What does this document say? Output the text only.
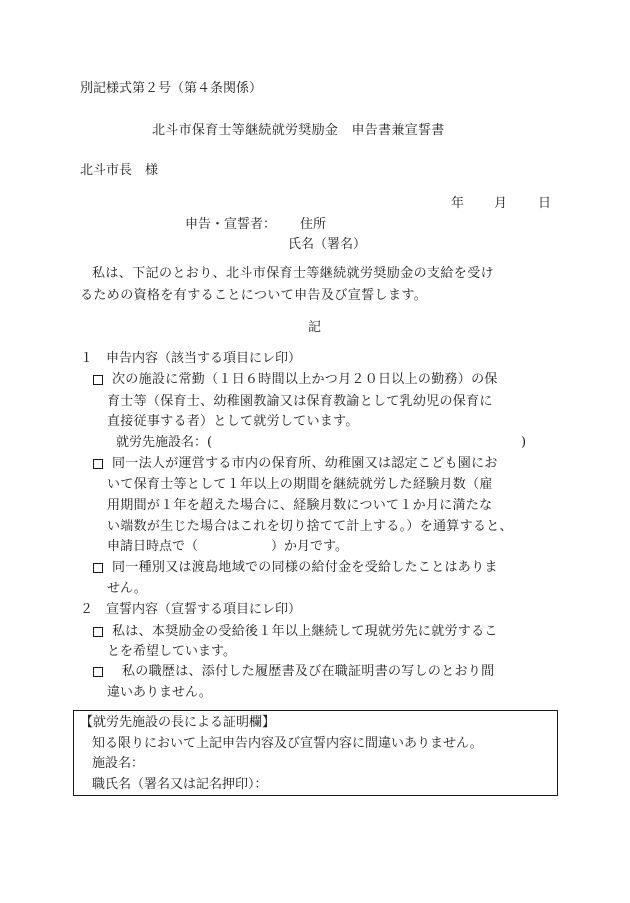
別記様式第２号（第４条関係）
北斗市保育士等継続就労奨励金　申告書兼宣誓書
北斗市長　様
年 月 日
申告・宣誓者： 住所
氏名（署名）
私は、下記のとおり、北斗市保育士等継続就労奨励金の支給を受け
るための資格を有することについて申告及び宣誓します。
記
１　申告内容（該当する項目にレ印）
次の施設に常勤（１日６時間以上かつ月２０日以上の勤務）の保
育士等（保育士、幼稚園教諭又は保育教諭として乳幼児の保育に
直接従事する者）として就労しています。
就労先施設名：(	)
同一法人が運営する市内の保育所、幼稚園又は認定こども園にお
いて保育士等として１年以上の期間を継続就労した経験月数（雇
用期間が１年を超えた場合に、経験月数について１か月に満たな
い端数が生じた場合はこれを切り捨てて計上する。）を通算すると、
申請日時点で（	）か月です。
同一種別又は渡島地域での同様の給付金を受給したことはありま
せん。
２　宣誓内容（宣誓する項目にレ印）
私は、本奨励金の受給後１年以上継続して現就労先に就労するこ
とを希望しています。
私の職歴は、添付した履歴書及び在職証明書の写しのとおり間
違いありません。
【就労先施設の長による証明欄】
知る限りにおいて上記申告内容及び宣誓内容に間違いありません。
施設名：
職氏名（署名又は記名押印）：
